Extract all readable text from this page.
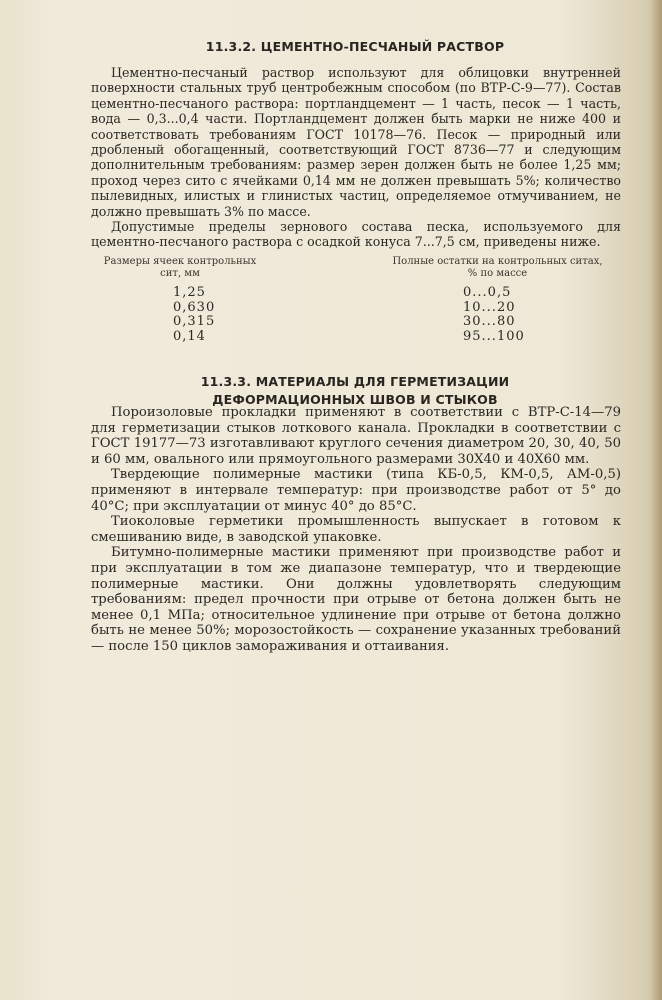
11.3.2. ЦЕМЕНТНО-ПЕСЧАНЫЙ РАСТВОР

Цементно-песчаный раствор используют для облицовки внутренней поверхности стальных труб центробежным способом (по ВТР-С-9—77). Состав цементно-песчаного раствора: портландцемент — 1 часть, песок — 1 часть, вода — 0,3...0,4 части. Портландцемент должен быть марки не ниже 400 и соответствовать требованиям ГОСТ 10178—76. Песок — природный или дробленый обогащенный, соответствующий ГОСТ 8736—77 и следующим дополнительным требованиям: размер зерен должен быть не более 1,25 мм; проход через сито с ячейками 0,14 мм не должен превышать 5%; количество пылевидных, илистых и глинистых частиц, определяемое отмучиванием, не должно превышать 3% по массе.

Допустимые пределы зернового состава песка, используемого для цементно-песчаного раствора с осадкой конуса 7...7,5 см, приведены ниже.

Размеры ячеек контрольных сит, мм
Полные остатки на контрольных ситах, % по массе
1,25
0,630
0,315
0,14
0...0,5
10...20
30...80
95...100
11.3.3. МАТЕРИАЛЫ ДЛЯ ГЕРМЕТИЗАЦИИ
ДЕФОРМАЦИОННЫХ ШВОВ И СТЫКОВ

Порoизоловые прокладки применяют в соответствии с ВТР-С-14—79 для герметизации стыков лоткового канала. Прокладки в соответствии с ГОСТ 19177—73 изготавливают круглого сечения диаметром 20, 30, 40, 50 и 60 мм, овального или прямоугольного размерами 30X40 и 40X60 мм.

Твердеющие полимерные мастики (типа КБ-0,5, КМ-0,5, АМ-0,5) применяют в интервале температур: при производстве работ от 5° до 40°С; при эксплуатации от минус 40° до 85°С.

Тиоколовые герметики промышленность выпускает в готовом к смешиванию виде, в заводской упаковке.

Битумно-полимерные мастики применяют при производстве работ и при эксплуатации в том же диапазоне температур, что и твердеющие полимерные мастики. Они должны удовлетворять следующим требованиям: предел прочности при отрыве от бетона должен быть не менее 0,1 МПа; относительное удлинение при отрыве от бетона должно быть не менее 50%; морозостойкость — сохранение указанных требований — после 150 циклов замораживания и оттаивания.
